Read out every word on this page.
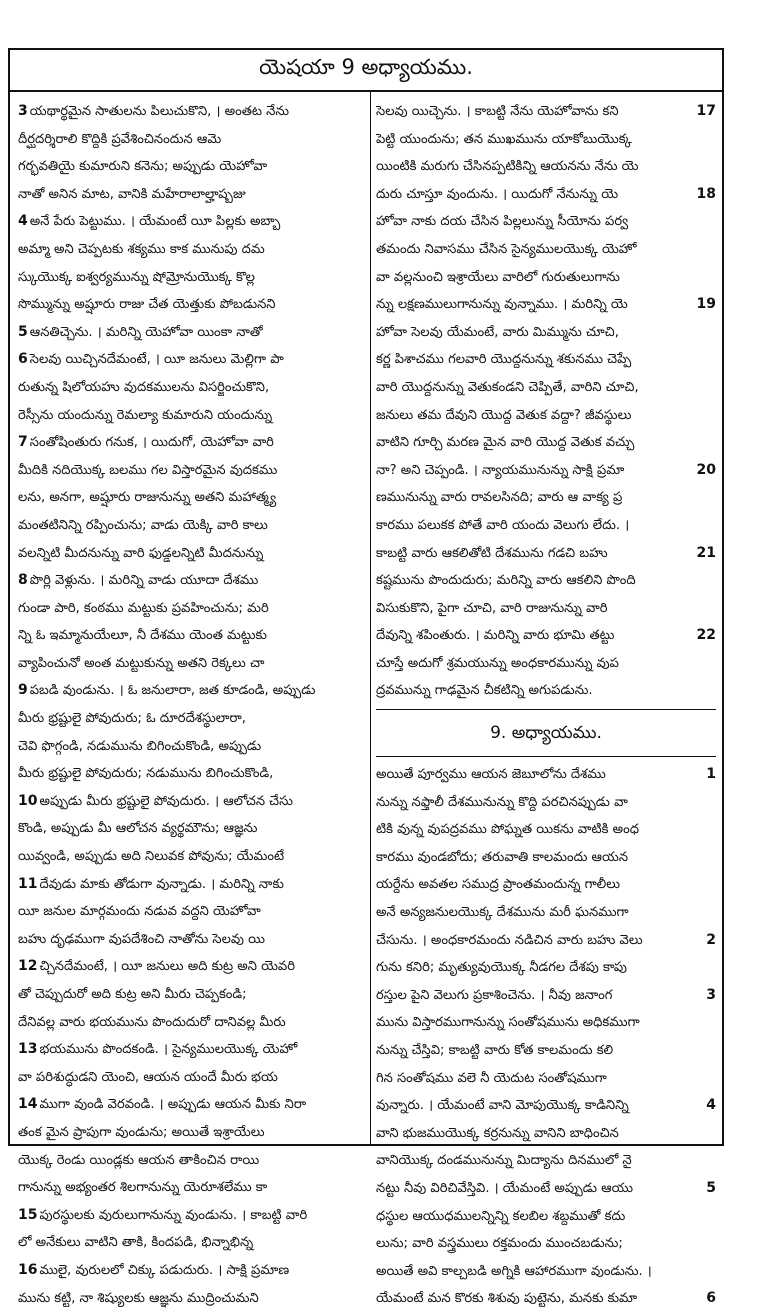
యెషయా 9 అధ్యాయము.
3 యథార్థమైన సాతులను పిలుచుకొని, । అంతట నేను
దీర్ఘదర్శిరాలి కొద్దికి ప్రవేశించినందున ఆమె
గర్భవతియై కుమారుని కనెను; అప్పుడు యెహోవా
నాతో అనిన మాట, వానికి మహేరాలాల్హాష్బజు
4 అనే పేరు పెట్టుము. । యేమంటే యీ పిల్లకు అబ్బా
అమ్మా అని చెప్పటకు శక్యము కాక మునుపు దమ
స్కుయొక్క ఐశ్వర్యమున్ను షోమ్రోనుయొక్క కొల్ల
సొమ్మున్ను అష్షూరు రాజు చేత యెత్తుకు పోబడునని
5 ఆనతిచ్చెను. । మరిన్ని యెహోవా యింకా నాతో
6 సెలవు యిచ్చినదేమంటే, । యీ జనులు మెల్లిగా పా
రుతున్న షిలోయహు వుదకములను విసర్జించుకొని,
రెస్సీను యందున్ను రెమల్యా కుమారుని యందున్ను
7 సంతోషింతురు గనుక, । యిదుగో, యెహోవా వారి
మీదికి నదియొక్క బలము గల విస్తారమైన వుదకము
లను, అనగా, అష్షూరు రాజునున్ను అతని మహాత్మ్య
మంతటినిన్ని రప్పించును; వాడు యెక్కి వారి కాలు
వలన్నిటి మీదనున్ను వారి ఫుడ్డలన్నిటి మీదనున్ను
8 పొర్లి వెళ్లును. । మరిన్ని వాడు యూదా దేశము
గుండా పారి, కంఠము మట్టుకు ప్రవహించును; మరి
న్ని ఓ ఇమ్మానుయేలూ, నీ దేశము యెంత మట్టుకు
వ్యాపించునో అంత మట్టుకున్ను అతని రెక్కలు చా
9 పబడి వుండును. । ఓ జనులారా, జత కూడండి, అప్పుడు
మీరు భ్రష్టులై పోవుదురు; ఓ దూరదేశస్థులారా,
చెవి ఫొగ్గండి, నడుమును బిగించుకొండి, అప్పుడు
మీరు భ్రష్టులై పోవుదురు; నడుమును బిగించుకొండి,
10 అప్పుడు మీరు భ్రష్టులై పోవుదురు. । ఆలోచన చేసు
కొండి, అప్పుడు మీ ఆలోచన వ్యర్థమౌను; ఆజ్ఞను
యివ్వండి, అప్పుడు అది నిలువక పోవును; యేమంటే
11 దేవుడు మాకు తోడుగా వున్నాడు. । మరిన్ని నాకు
యీ జనుల మార్గమందు నడువ వద్దని యెహోవా
బహు దృఢముగా వుపదేశించి నాతోను సెలవు యి
12 చ్చినదేమంటే, । యీ జనులు అది కుట్ర అని యెవరి
తో చెప్పుదురో అది కుట్ర అని మీరు చెప్పకండి;
దేనివల్ల వారు భయమును పొందుదురో దానివల్ల మీరు
13 భయమును పొందకండి. । సైన్యములయొక్క యెహో
వా పరిశుద్ధుడని యెంచి, ఆయన యందే మీరు భయ
14 ముగా వుండి వెరవండి. । అప్పుడు ఆయన మీకు నిరా
తంక మైన ప్రాపుగా వుండును; అయితే ఇశ్రాయేలు
యొక్క రెండు యిండ్లకు ఆయన తాకించిన రాయి
గానున్ను అభ్యంతర శిలగానున్ను యెరూశలేము కా
15 పురస్థులకు వురులుగానున్ను వుండును. । కాబట్టి వారి
లో అనేకులు వాటిని తాకి, కిందపడి, భిన్నాభిన్న
16 ములై, వురులలో చిక్కు పడుదురు. । సాక్షి ప్రమాణ
మును కట్టి, నా శిష్యులకు ఆజ్ఞను ముద్రించుమని
సెలవు యిచ్చెను. । కాబట్టి నేను యెహోవాను కని	17
పెట్టి యుందును; తన ముఖమును యాకోబుయొక్క
యింటికి మరుగు చేసినప్పటికిన్ని ఆయనను నేను యె
దురు చూస్తూ వుందును. । యిదుగో నేనున్ను యె	18
హోవా నాకు దయ చేసిన పిల్లలున్ను సీయోను పర్వ
తమందు నివాసము చేసిన సైన్యములయొక్క యెహో
వా వల్లనుంచి ఇశ్రాయేలు వారిలో గురుతులుగాను
న్ను లక్షణములుగానున్ను వున్నాము. । మరిన్ని యె	19
హోవా సెలవు యేమంటే, వారు మిమ్మును చూచి,
కర్ణ పిశాచము గలవారి యొద్దనున్ను శకునము చెప్పే
వారి యొద్దనున్ను వెతుకండని చెప్పితే, వారిని చూచి,
జనులు తమ దేవుని యొద్ద వెతుక వద్దా? జీవస్థులు
వాటిని గూర్చి మరణ మైన వారి యొద్ద వెతుక వచ్చు
నా? అని చెప్పండి. । న్యాయమునున్ను సాక్షి ప్రమా	20
ణమునున్ను వారు రావలసినది; వారు ఆ వాక్య ప్ర
కారము పలుకక పోతే వారి యందు వెలుగు లేదు. ।
కాబట్టి వారు ఆకలితోటి దేశమును గడచి బహు	21
కష్టమును పొందుదురు; మరిన్ని వారు ఆకలిని పొంది
విసుకుకొని, పైగా చూచి, వారి రాజునున్ను వారి
దేవున్ని శపింతురు. । మరిన్ని వారు భూమి తట్టు	22
చూస్తే అదుగో శ్రమయున్ను అంధకారమున్ను వుప
ద్రవమున్ను గాఢమైన చీకటిన్ని అగుపడును.
9. అధ్యాయము.
అయితే పూర్వము ఆయన జెబూలోను దేశము	1
నున్ను నఫ్తాలీ దేశమునున్ను కొద్ది పరచినప్పుడు వా
టికి వున్న వుపద్రవము పోఘ్నత యికను వాటికి అంధ
కారము వుండబోదు; తరువాతి కాలమందు ఆయన
యర్దేను అవతల సముద్ర ప్రాంతమందున్న గాలీలు
అనే అన్యజనులయొక్క దేశమును మరీ ఘనముగా
చేసును. । అంధకారమందు నడిచిన వారు బహు వెలు	2
గును కనిరి; మృత్యువుయొక్క నీడగల దేశపు కాపు
రస్తుల పైని వెలుగు ప్రకాశించెను. । నీవు జనాంగ	3
మును విస్తారముగానున్ను సంతోషమును అధికముగా
నున్ను చేస్తివి; కాబట్టి వారు కోత కాలమందు కలి
గిన సంతోషము వలె నీ యెదుట సంతోషముగా
వున్నారు. । యేమంటే వాని మోపుయొక్క కాడినిన్ని	4
వాని భుజముయొక్క కర్రనున్ను వానిని బాధించిన
వానియొక్క దండమునున్ను మిద్యాను దినములో నై
నట్టు నీవు విరిచివేస్తివి. । యేమంటే అప్పుడు ఆయు	5
ధస్థుల ఆయుధములన్నిన్ని కలబిల శబ్దముతో కదు
లును; వారి వస్త్రములు రక్తమందు ముంచబడును;
అయితే అవి కాల్చబడి అగ్నికి ఆహారముగా వుండును. ।
యేమంటే మన కొరకు శిశువు పుట్టెను, మనకు కుమా	6
